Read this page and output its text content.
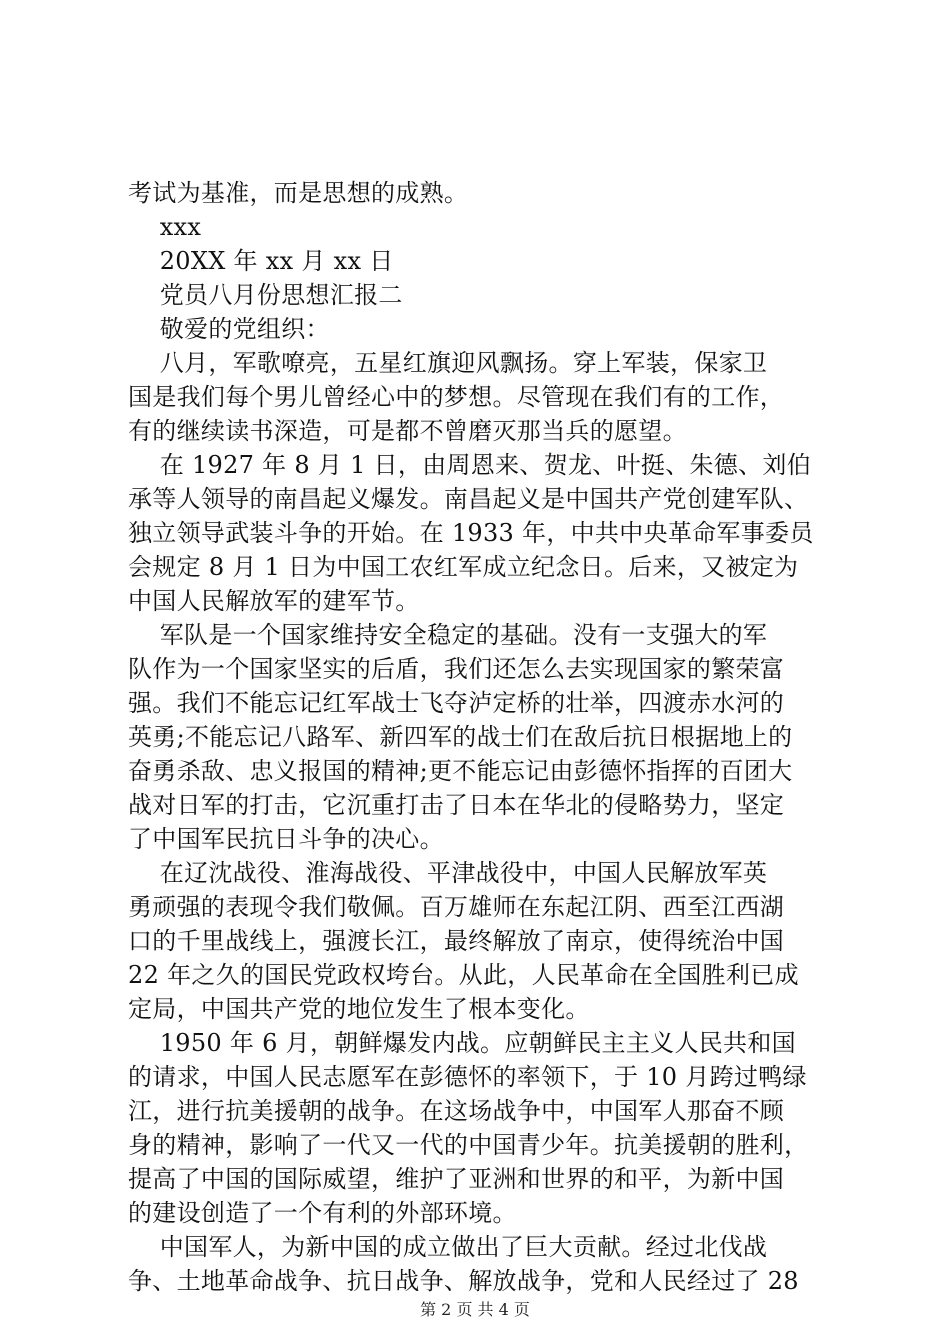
考试为基准，而是思想的成熟。
xxx
20XX 年 xx 月 xx 日
党员八月份思想汇报二
敬爱的党组织：
八月，军歌嘹亮，五星红旗迎风飘扬。穿上军装，保家卫
国是我们每个男儿曾经心中的梦想。尽管现在我们有的工作，
有的继续读书深造，可是都不曾磨灭那当兵的愿望。
在 1927 年 8 月 1 日，由周恩来、贺龙、叶挺、朱德、刘伯
承等人领导的南昌起义爆发。南昌起义是中国共产党创建军队、
独立领导武装斗争的开始。在 1933 年，中共中央革命军事委员
会规定 8 月 1 日为中国工农红军成立纪念日。后来，又被定为
中国人民解放军的建军节。
军队是一个国家维持安全稳定的基础。没有一支强大的军
队作为一个国家坚实的后盾，我们还怎么去实现国家的繁荣富
强。我们不能忘记红军战士飞夺泸定桥的壮举，四渡赤水河的
英勇;不能忘记八路军、新四军的战士们在敌后抗日根据地上的
奋勇杀敌、忠义报国的精神;更不能忘记由彭德怀指挥的百团大
战对日军的打击，它沉重打击了日本在华北的侵略势力，坚定
了中国军民抗日斗争的决心。
在辽沈战役、淮海战役、平津战役中，中国人民解放军英
勇顽强的表现令我们敬佩。百万雄师在东起江阴、西至江西湖
口的千里战线上，强渡长江，最终解放了南京，使得统治中国
22 年之久的国民党政权垮台。从此，人民革命在全国胜利已成
定局，中国共产党的地位发生了根本变化。
1950 年 6 月，朝鲜爆发内战。应朝鲜民主主义人民共和国
的请求，中国人民志愿军在彭德怀的率领下，于 10 月跨过鸭绿
江，进行抗美援朝的战争。在这场战争中，中国军人那奋不顾
身的精神，影响了一代又一代的中国青少年。抗美援朝的胜利，
提高了中国的国际威望，维护了亚洲和世界的和平，为新中国
的建设创造了一个有利的外部环境。
中国军人，为新中国的成立做出了巨大贡献。经过北伐战
争、土地革命战争、抗日战争、解放战争，党和人民经过了 28
第 2 页 共 4 页
